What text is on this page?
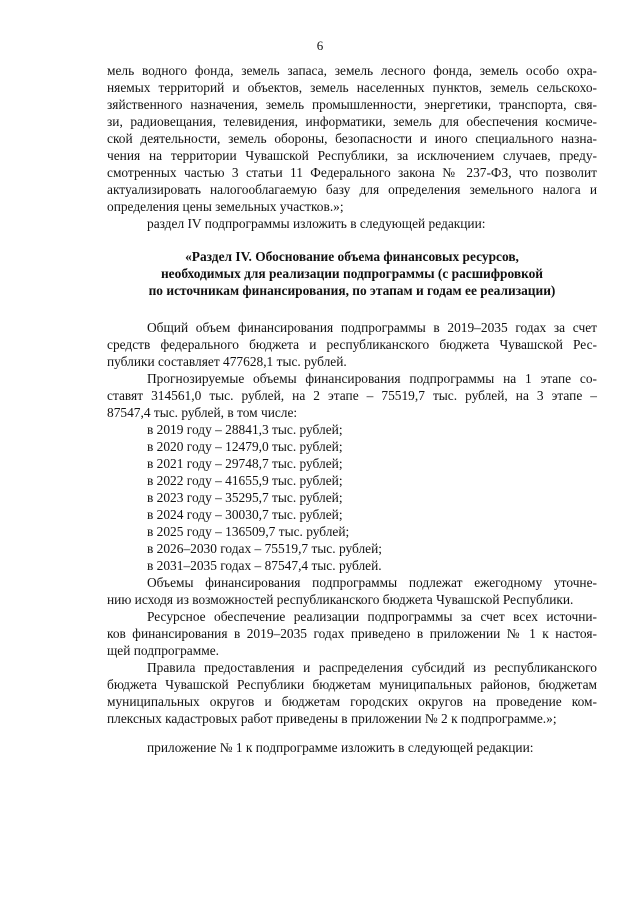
6
мель водного фонда, земель запаса, земель лесного фонда, земель особо охра-
няемых территорий и объектов, земель населенных пунктов, земель сельскохо-
зяйственного назначения, земель промышленности, энергетики, транспорта, свя-
зи, радиовещания, телевидения, информатики, земель для обеспечения космиче-
ской деятельности, земель обороны, безопасности и иного специального назна-
чения на территории Чувашской Республики, за исключением случаев, преду-
смотренных частью 3 статьи 11 Федерального закона № 237-ФЗ, что позволит
актуализировать налогооблагаемую базу для определения земельного налога и
определения цены земельных участков.»;
раздел IV подпрограммы изложить в следующей редакции:
«Раздел IV. Обоснование объема финансовых ресурсов,
необходимых для реализации подпрограммы (с расшифровкой
по источникам финансирования, по этапам и годам ее реализации)
Общий объем финансирования подпрограммы в 2019–2035 годах за счет
средств федерального бюджета и республиканского бюджета Чувашской Рес-
публики составляет 477628,1 тыс. рублей.
Прогнозируемые объемы финансирования подпрограммы на 1 этапе со-
ставят 314561,0 тыс. рублей, на 2 этапе – 75519,7 тыс. рублей, на 3 этапе –
87547,4 тыс. рублей, в том числе:
в 2019 году – 28841,3 тыс. рублей;
в 2020 году – 12479,0 тыс. рублей;
в 2021 году – 29748,7 тыс. рублей;
в 2022 году – 41655,9 тыс. рублей;
в 2023 году – 35295,7 тыс. рублей;
в 2024 году – 30030,7 тыс. рублей;
в 2025 году – 136509,7 тыс. рублей;
в 2026–2030 годах – 75519,7 тыс. рублей;
в 2031–2035 годах – 87547,4 тыс. рублей.
Объемы финансирования подпрограммы подлежат ежегодному уточне-
нию исходя из возможностей республиканского бюджета Чувашской Республики.
Ресурсное обеспечение реализации подпрограммы за счет всех источни-
ков финансирования в 2019–2035 годах приведено в приложении № 1 к настоя-
щей подпрограмме.
Правила предоставления и распределения субсидий из республиканского
бюджета Чувашской Республики бюджетам муниципальных районов, бюджетам
муниципальных округов и бюджетам городских округов на проведение ком-
плексных кадастровых работ приведены в приложении № 2 к подпрограмме.»;
приложение № 1 к подпрограмме изложить в следующей редакции:
